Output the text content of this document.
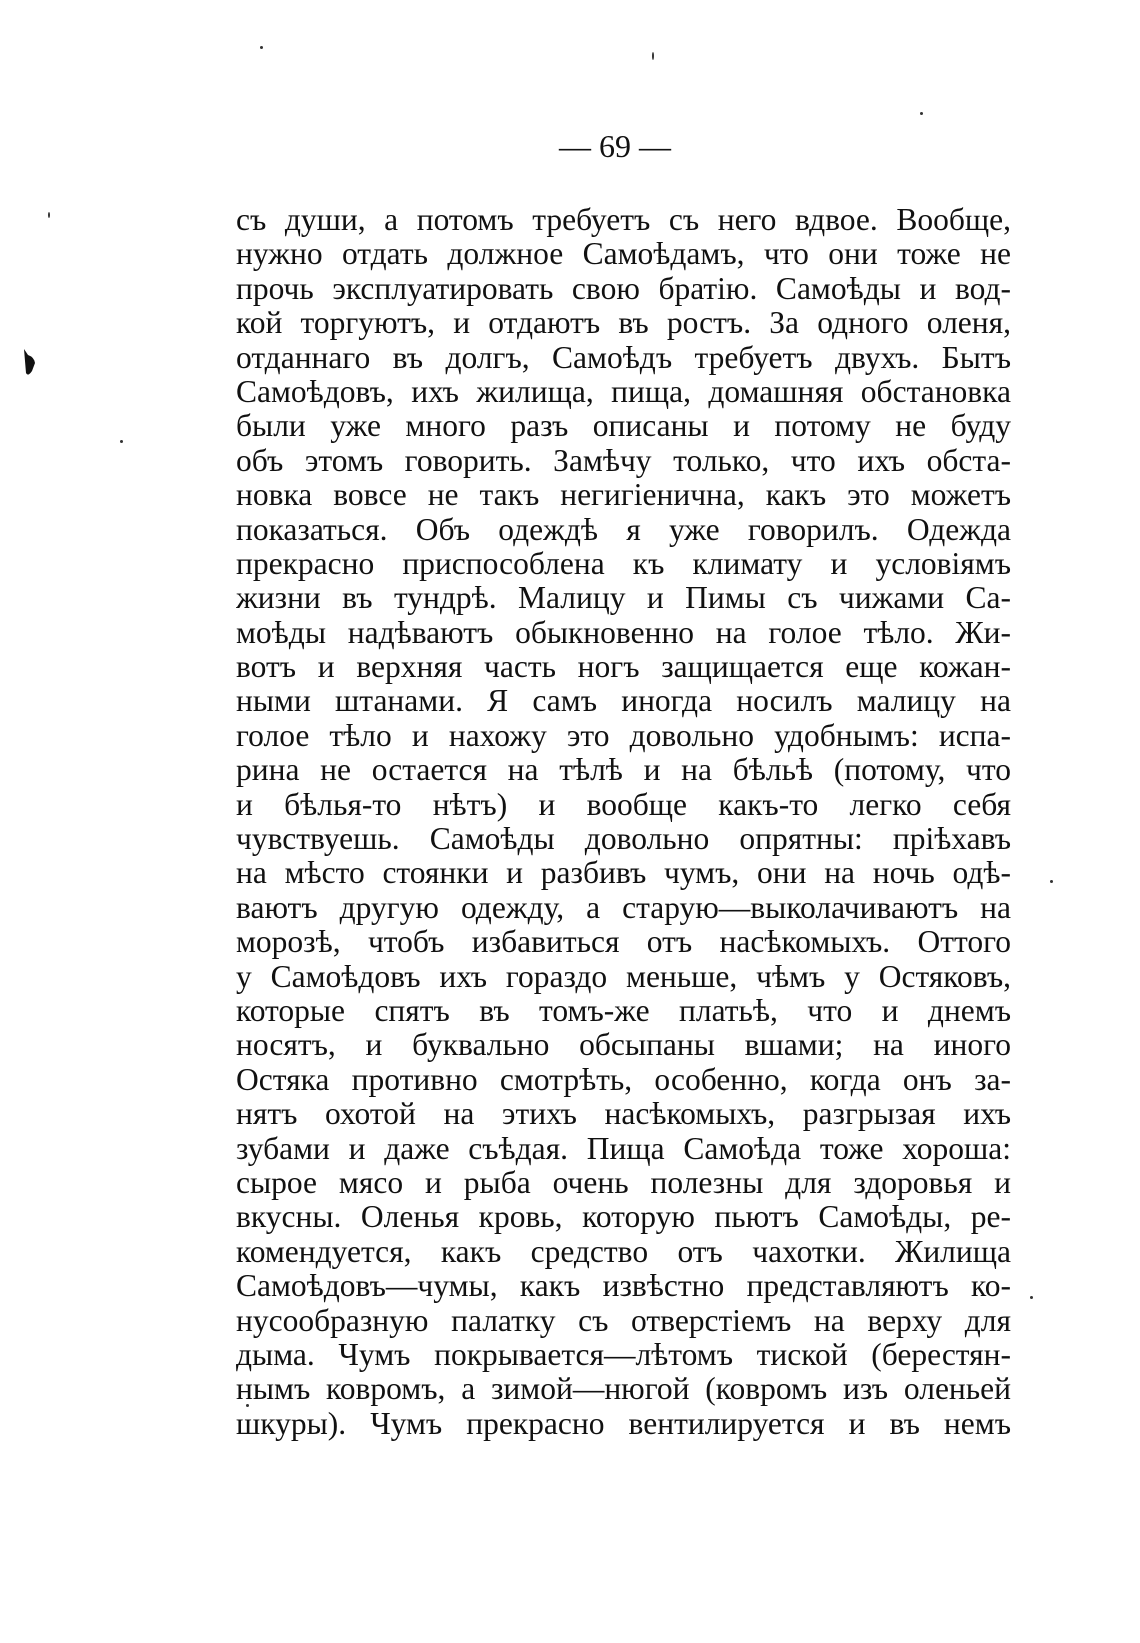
— 69 —
съ души, а потомъ требуетъ съ него вдвое. Вообще,
нужно отдать должное Самоѣдамъ, что они тоже не
прочь эксплуатировать свою братію. Самоѣды и вод-
кой торгуютъ, и отдаютъ въ ростъ. За одного оленя,
отданнаго въ долгъ, Самоѣдъ требуетъ двухъ. Бытъ
Самоѣдовъ, ихъ жилища, пища, домашняя обстановка
были уже много разъ описаны и потому не буду
объ этомъ говорить. Замѣчу только, что ихъ обста-
новка вовсе не такъ негигіенична, какъ это можетъ
показаться. Объ одеждѣ я уже говорилъ. Одежда
прекрасно приспособлена къ климату и условіямъ
жизни въ тундрѣ. Малицу и Пимы съ чижами Са-
моѣды надѣваютъ обыкновенно на голое тѣло. Жи-
вотъ и верхняя часть ногъ защищается еще кожан-
ными штанами. Я самъ иногда носилъ малицу на
голое тѣло и нахожу это довольно удобнымъ: испа-
рина не остается на тѣлѣ и на бѣльѣ (потому, что
и бѣлья-то нѣтъ) и вообще какъ-то легко себя
чувствуешь. Самоѣды довольно опрятны: пріѣхавъ
на мѣсто стоянки и разбивъ чумъ, они на ночь одѣ-
ваютъ другую одежду, а старую—выколачиваютъ на
морозѣ, чтобъ избавиться отъ насѣкомыхъ. Оттого
у Самоѣдовъ ихъ гораздо меньше, чѣмъ у Остяковъ,
которые спятъ въ томъ-же платьѣ, что и днемъ
носятъ, и буквально обсыпаны вшами; на иного
Остяка противно смотрѣть, особенно, когда онъ за-
нятъ охотой на этихъ насѣкомыхъ, разгрызая ихъ
зубами и даже съѣдая. Пища Самоѣда тоже хороша:
сырое мясо и рыба очень полезны для здоровья и
вкусны. Оленья кровь, которую пьютъ Самоѣды, ре-
комендуется, какъ средство отъ чахотки. Жилища
Самоѣдовъ—чумы, какъ извѣстно представляютъ ко-
нусообразную палатку съ отверстіемъ на верху для
дыма. Чумъ покрывается—лѣтомъ тиской (берестян-
нымъ ковромъ, а зимой—нюгой (ковромъ изъ оленьей
шкуры). Чумъ прекрасно вентилируется и въ немъ
